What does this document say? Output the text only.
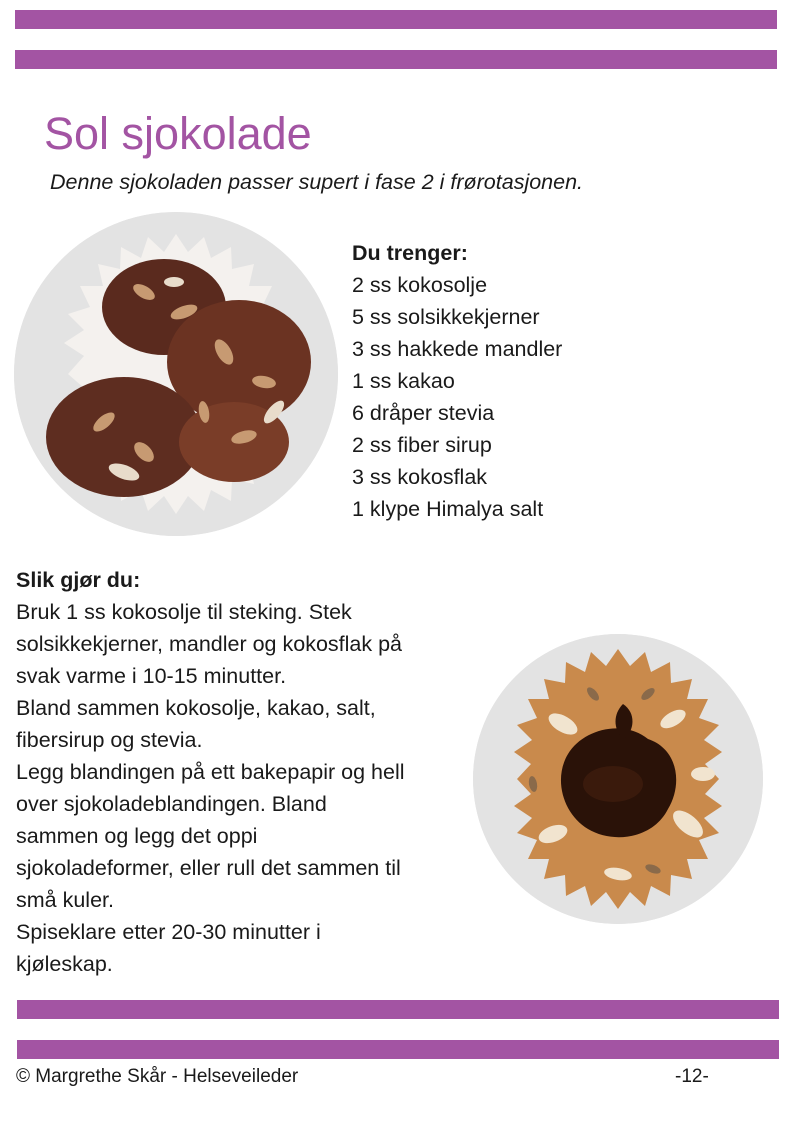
Sol sjokolade

Denne sjokoladen passer supert i fase 2 i frørotasjonen.

Du trenger:
2 ss kokosolje
5 ss solsikkekjerner
3 ss hakkede mandler
1 ss kakao
6 dråper stevia
2 ss fiber sirup
3 ss kokosflak
1 klype Himalya salt
Slik gjør du:
Bruk 1 ss kokosolje til steking. Stek
solsikkekjerner, mandler og kokosflak på
svak varme i 10-15 minutter.
Bland sammen kokosolje, kakao, salt,
fibersirup og stevia.
Legg blandingen på ett bakepapir og hell
over sjokoladeblandingen. Bland
sammen og legg det oppi
sjokoladeformer, eller rull det sammen til
små kuler.
Spiseklare etter 20-30 minutter i
kjøleskap.
© Margrethe Skår - Helseveileder	-12-
